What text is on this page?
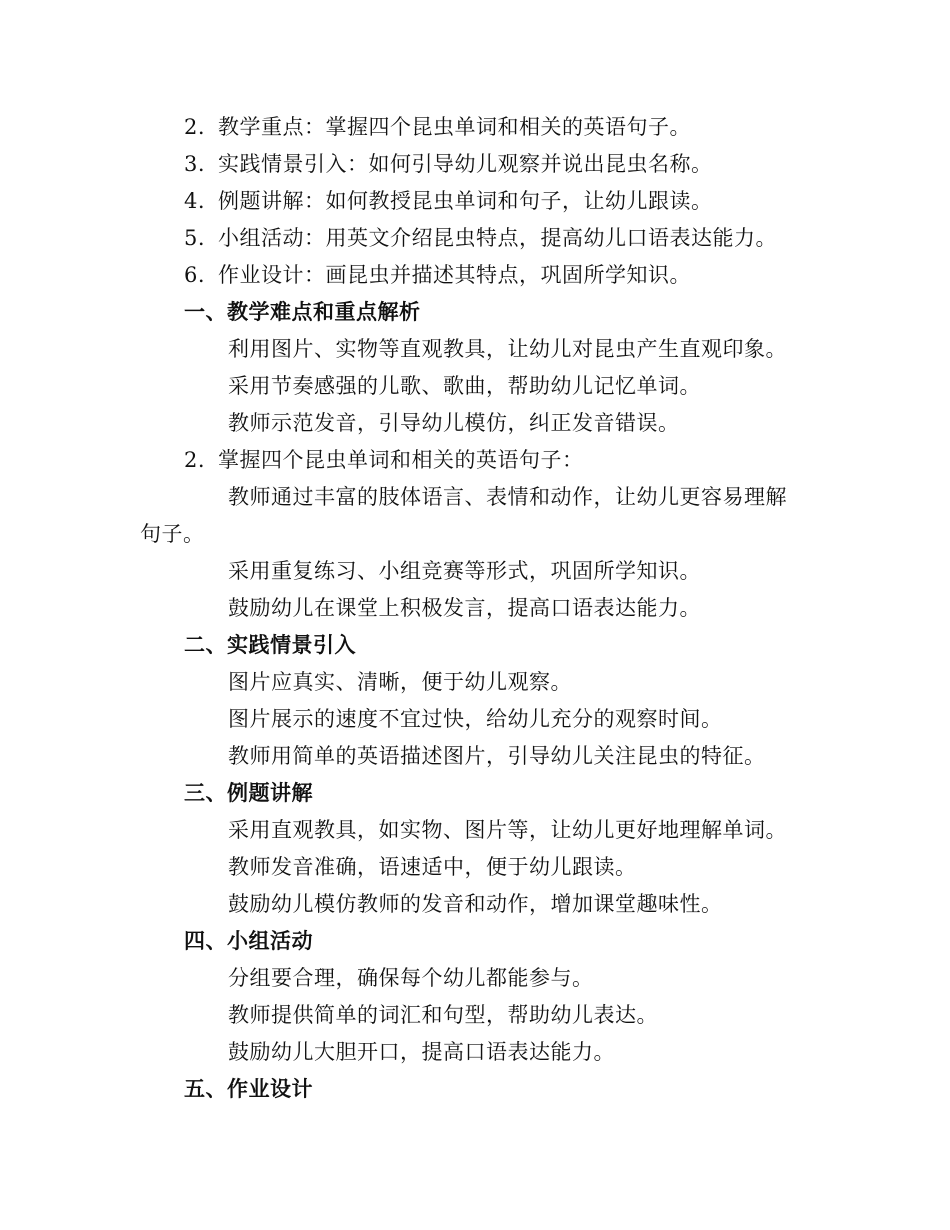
2. 教学重点：掌握四个昆虫单词和相关的英语句子。
3. 实践情景引入：如何引导幼儿观察并说出昆虫名称。
4. 例题讲解：如何教授昆虫单词和句子，让幼儿跟读。
5. 小组活动：用英文介绍昆虫特点，提高幼儿口语表达能力。
6. 作业设计：画昆虫并描述其特点，巩固所学知识。
一、教学难点和重点解析
利用图片、实物等直观教具，让幼儿对昆虫产生直观印象。
采用节奏感强的儿歌、歌曲，帮助幼儿记忆单词。
教师示范发音，引导幼儿模仿，纠正发音错误。
2. 掌握四个昆虫单词和相关的英语句子：
教师通过丰富的肢体语言、表情和动作，让幼儿更容易理解
句子。
采用重复练习、小组竞赛等形式，巩固所学知识。
鼓励幼儿在课堂上积极发言，提高口语表达能力。
二、实践情景引入
图片应真实、清晰，便于幼儿观察。
图片展示的速度不宜过快，给幼儿充分的观察时间。
教师用简单的英语描述图片，引导幼儿关注昆虫的特征。
三、例题讲解
采用直观教具，如实物、图片等，让幼儿更好地理解单词。
教师发音准确，语速适中，便于幼儿跟读。
鼓励幼儿模仿教师的发音和动作，增加课堂趣味性。
四、小组活动
分组要合理，确保每个幼儿都能参与。
教师提供简单的词汇和句型，帮助幼儿表达。
鼓励幼儿大胆开口，提高口语表达能力。
五、作业设计
